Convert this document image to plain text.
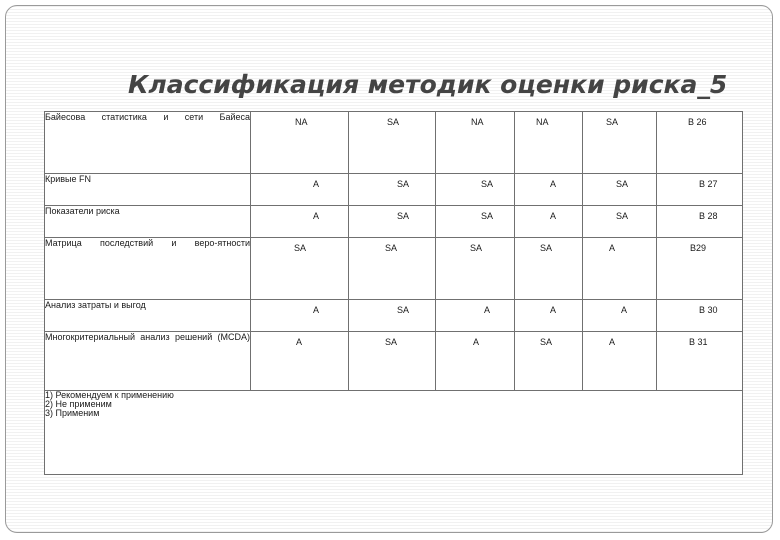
Классификация методик оценки риска_5
Байесова статистика и сети Байеса	NA	SA	NA	NA	SA	B 26

Кривые FN	A	SA	SA	A	SA	B 27

Показатели риска	A	SA	SA	A	SA	B 28

Матрица последствий и веро-ятности	SA	SA	SA	SA	A	B29

Анализ затраты и выгод	A	SA	A	A	A	B 30

Многокритериальный анализ решений (MCDA)	A	SA	A	SA	A	B 31

1) Рекомендуем к применению
2) Не применим
3) Применим						
